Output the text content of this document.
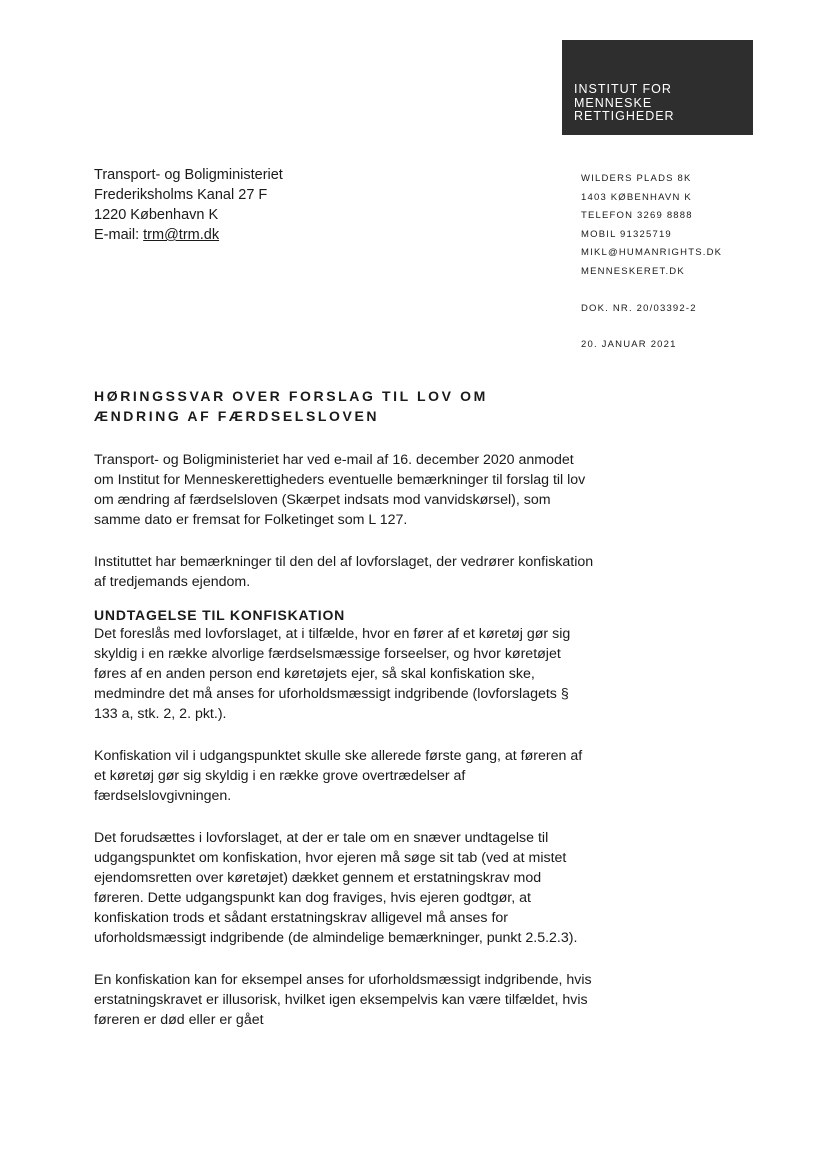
INSTITUT FOR
MENNESKE
RETTIGHEDER
Transport- og Boligministeriet
Frederiksholms Kanal 27 F
1220 København K
E-mail: trm@trm.dk
WILDERS PLADS 8K
1403 KØBENHAVN K
TELEFON 3269 8888
MOBIL 91325719
MIKL@HUMANRIGHTS.DK
MENNESKERET.DK
DOK. NR. 20/03392-2
20. JANUAR 2021
HØRINGSSVAR OVER FORSLAG TIL LOV OM
ÆNDRING AF FÆRDSELSLOVEN

Transport- og Boligministeriet har ved e-mail af 16. december 2020 anmodet om Institut for Menneskerettigheders eventuelle bemærkninger til forslag til lov om ændring af færdselsloven (Skærpet indsats mod vanvidskørsel), som samme dato er fremsat for Folketinget som L 127.

Instituttet har bemærkninger til den del af lovforslaget, der vedrører konfiskation af tredjemands ejendom.

UNDTAGELSE TIL KONFISKATION

Det foreslås med lovforslaget, at i tilfælde, hvor en fører af et køretøj gør sig skyldig i en række alvorlige færdselsmæssige forseelser, og hvor køretøjet føres af en anden person end køretøjets ejer, så skal konfiskation ske, medmindre det må anses for uforholdsmæssigt indgribende (lovforslagets § 133 a, stk. 2, 2. pkt.).

Konfiskation vil i udgangspunktet skulle ske allerede første gang, at føreren af et køretøj gør sig skyldig i en række grove overtrædelser af færdselslovgivningen.

Det forudsættes i lovforslaget, at der er tale om en snæver undtagelse til udgangspunktet om konfiskation, hvor ejeren må søge sit tab (ved at mistet ejendomsretten over køretøjet) dækket gennem et erstatningskrav mod føreren. Dette udgangspunkt kan dog fraviges, hvis ejeren godtgør, at konfiskation trods et sådant erstatningskrav alligevel må anses for uforholdsmæssigt indgribende (de almindelige bemærkninger, punkt 2.5.2.3).

En konfiskation kan for eksempel anses for uforholdsmæssigt indgribende, hvis erstatningskravet er illusorisk, hvilket igen eksempelvis kan være tilfældet, hvis føreren er død eller er gået
